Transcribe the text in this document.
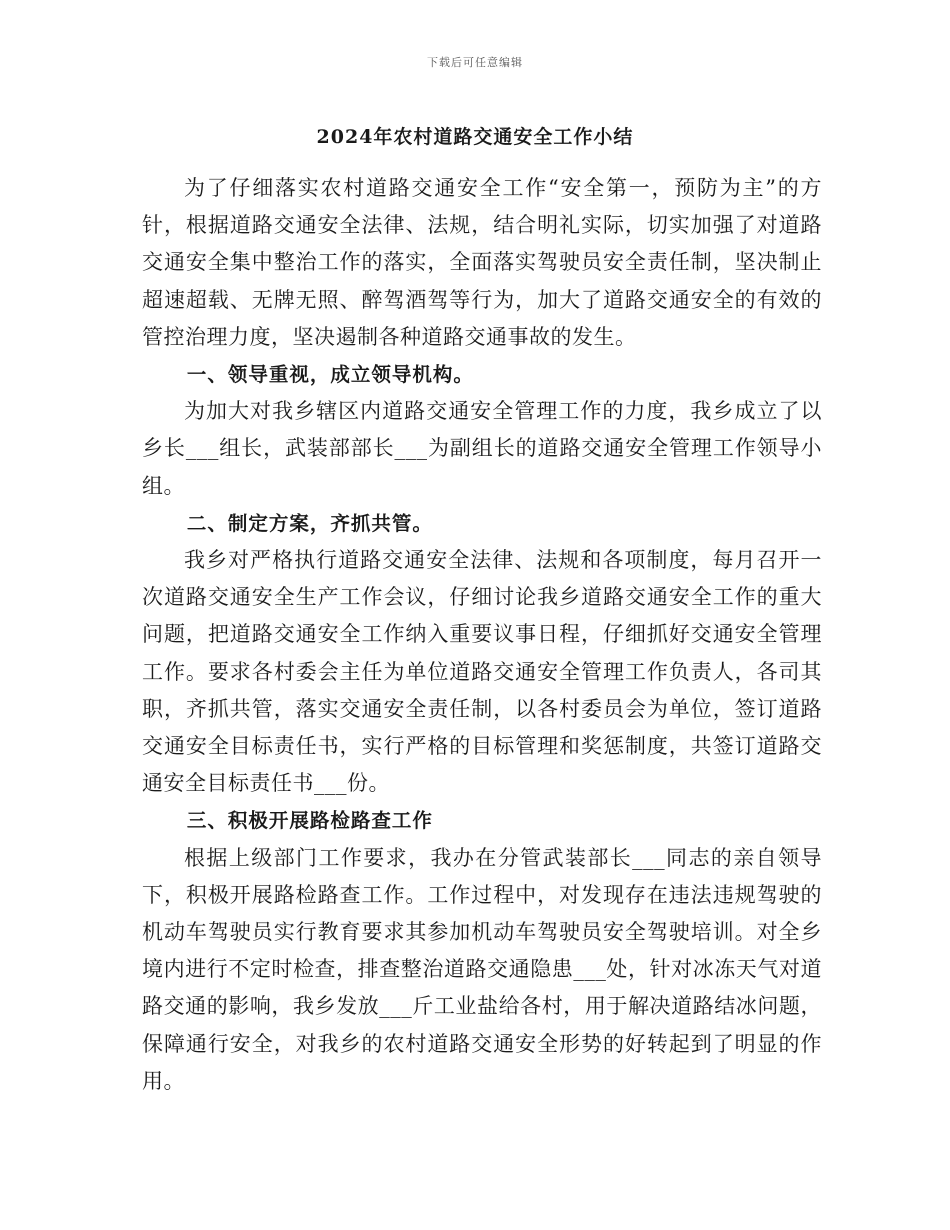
下载后可任意编辑
2024年农村道路交通安全工作小结

为了仔细落实农村道路交通安全工作“安全第一，预防为主”的方针，根据道路交通安全法律、法规，结合明礼实际，切实加强了对道路交通安全集中整治工作的落实，全面落实驾驶员安全责任制，坚决制止超速超载、无牌无照、醉驾酒驾等行为，加大了道路交通安全的有效的管控治理力度，坚决遏制各种道路交通事故的发生。

一、领导重视，成立领导机构。

为加大对我乡辖区内道路交通安全管理工作的力度，我乡成立了以乡长___组长，武装部部长___为副组长的道路交通安全管理工作领导小组。

二、制定方案，齐抓共管。

我乡对严格执行道路交通安全法律、法规和各项制度，每月召开一次道路交通安全生产工作会议，仔细讨论我乡道路交通安全工作的重大问题，把道路交通安全工作纳入重要议事日程，仔细抓好交通安全管理工作。要求各村委会主任为单位道路交通安全管理工作负责人，各司其职，齐抓共管，落实交通安全责任制，以各村委员会为单位，签订道路交通安全目标责任书，实行严格的目标管理和奖惩制度，共签订道路交通安全目标责任书___份。

三、积极开展路检路查工作

根据上级部门工作要求，我办在分管武装部长___同志的亲自领导下，积极开展路检路查工作。工作过程中，对发现存在违法违规驾驶的机动车驾驶员实行教育要求其参加机动车驾驶员安全驾驶培训。对全乡境内进行不定时检查，排查整治道路交通隐患___处，针对冰冻天气对道路交通的影响，我乡发放___斤工业盐给各村，用于解决道路结冰问题，保障通行安全，对我乡的农村道路交通安全形势的好转起到了明显的作用。
